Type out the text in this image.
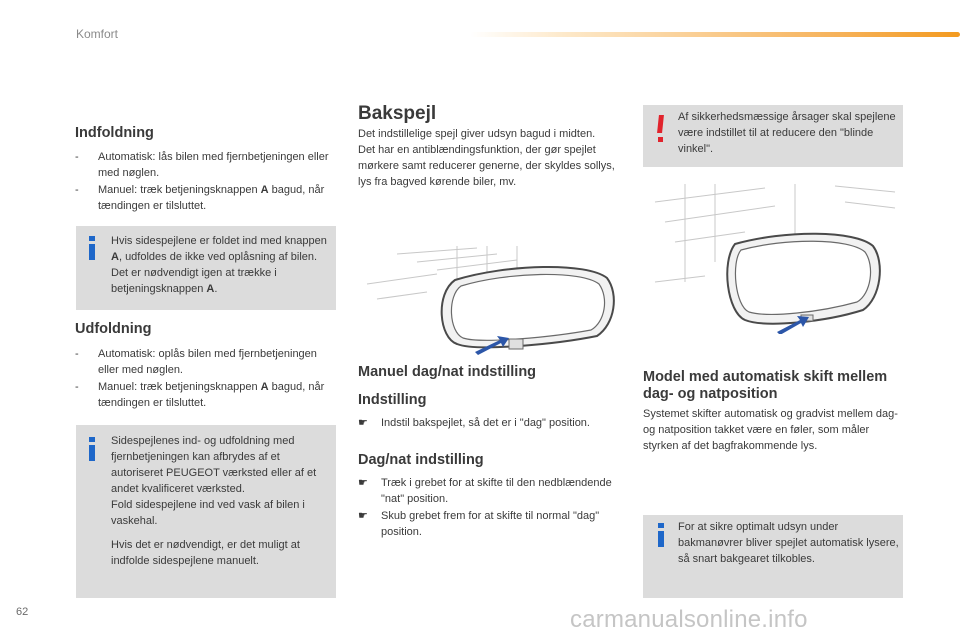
Komfort
Indfoldning
- Automatisk: lås bilen med fjernbetjeningen eller med nøglen.
- Manuel: træk betjeningsknappen A bagud, når tændingen er tilsluttet.
Hvis sidespejlene er foldet ind med knappen A, udfoldes de ikke ved oplåsning af bilen. Det er nødvendigt igen at trække i betjeningsknappen A.
Udfoldning
- Automatisk: oplås bilen med fjernbetjeningen eller med nøglen.
- Manuel: træk betjeningsknappen A bagud, når tændingen er tilsluttet.
Sidespejlenes ind- og udfoldning med fjernbetjeningen kan afbrydes af et autoriseret PEUGEOT værksted eller af et andet kvalificeret værksted.
Fold sidespejlene ind ved vask af bilen i vaskehal.
Hvis det er nødvendigt, er det muligt at indfolde sidespejlene manuelt.
Bakspejl
Det indstillelige spejl giver udsyn bagud i midten.
Det har en antiblændingsfunktion, der gør spejlet mørkere samt reducerer generne, der skyldes sollys, lys fra bagved kørende biler, mv.
Manuel dag/nat indstilling
Indstilling
☛ Indstil bakspejlet, så det er i "dag" position.
Dag/nat indstilling
☛ Træk i grebet for at skifte til den nedblændende "nat" position.
☛ Skub grebet frem for at skifte til normal "dag" position.
Af sikkerhedsmæssige årsager skal spejlene være indstillet til at reducere den "blinde vinkel".
Model med automatisk skift mellem dag- og natposition
Systemet skifter automatisk og gradvist mellem dag- og natposition takket være en føler, som måler styrken af det bagfrakommende lys.
For at sikre optimalt udsyn under bakmanøvrer bliver spejlet automatisk lysere, så snart bakgearet tilkobles.
62	carmanualsonline.info
